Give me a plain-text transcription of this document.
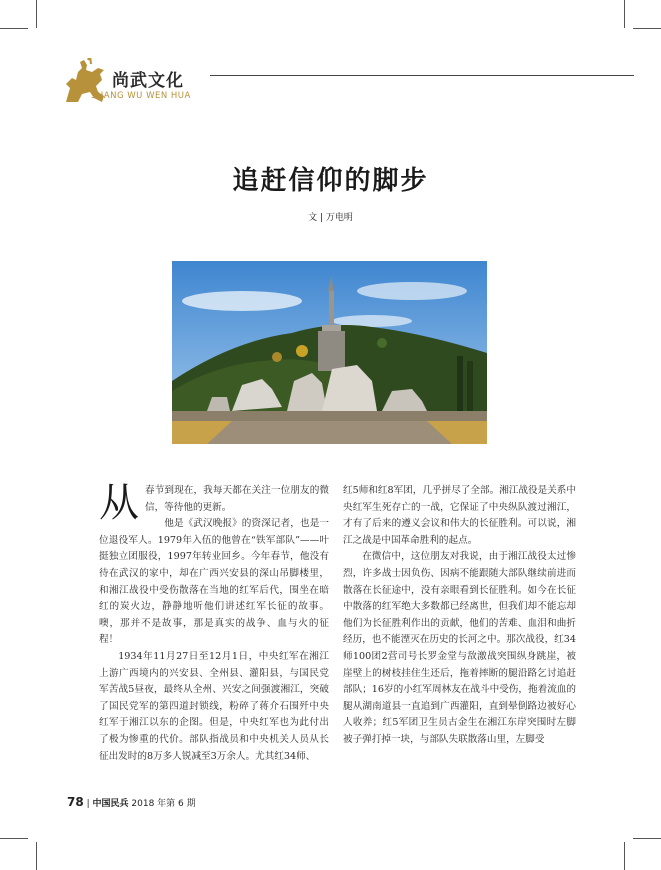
尚武文化
SHANG WU WEN HUA
追赶信仰的脚步
文 | 万电明

从春节到现在，我每天都在关注一位朋友的微信，等待他的更新。

他是《武汉晚报》的资深记者，也是一位退役军人。1979年入伍的他曾在“铁军部队”——叶挺独立团服役，1997年转业回乡。今年春节，他没有待在武汉的家中，却在广西兴安县的深山吊脚楼里，和湘江战役中受伤散落在当地的红军后代，围坐在暗红的炭火边，静静地听他们讲述红军长征的故事。噢，那并不是故事，那是真实的战争、血与火的征程！

1934年11月27日至12月1日，中央红军在湘江上游广西境内的兴安县、全州县、灌阳县，与国民党军苦战5昼夜，最终从全州、兴安之间强渡湘江，突破了国民党军的第四道封锁线，粉碎了蒋介石围歼中央红军于湘江以东的企图。但是，中央红军也为此付出了极为惨重的代价。部队指战员和中央机关人员从长征出发时的8万多人锐减至3万余人。尤其红34师、

红5师和红8军团，几乎拼尽了全部。湘江战役是关系中央红军生死存亡的一战，它保证了中央纵队渡过湘江，才有了后来的遵义会议和伟大的长征胜利。可以说，湘江之战是中国革命胜利的起点。

在微信中，这位朋友对我说，由于湘江战役太过惨烈，许多战士因负伤、因病不能跟随大部队继续前进而散落在长征途中，没有亲眼看到长征胜利。如今在长征中散落的红军绝大多数都已经离世，但我们却不能忘却他们为长征胜利作出的贡献，他们的苦难、血泪和曲折经历，也不能湮灭在历史的长河之中。那次战役，红34师100团2营司号长罗金堂与敌激战突围纵身跳崖，被崖壁上的树枝挂住生还后，拖着摔断的腿沿路乞讨追赶部队；16岁的小红军周林友在战斗中受伤，拖着流血的腿从湖南道县一直追到广西灌阳，直到晕倒路边被好心人收养；红5军团卫生员古金生在湘江东岸突围时左脚被子弹打掉一块，与部队失联散落山里，左脚受

78 | 中国民兵 2018 年第 6 期
